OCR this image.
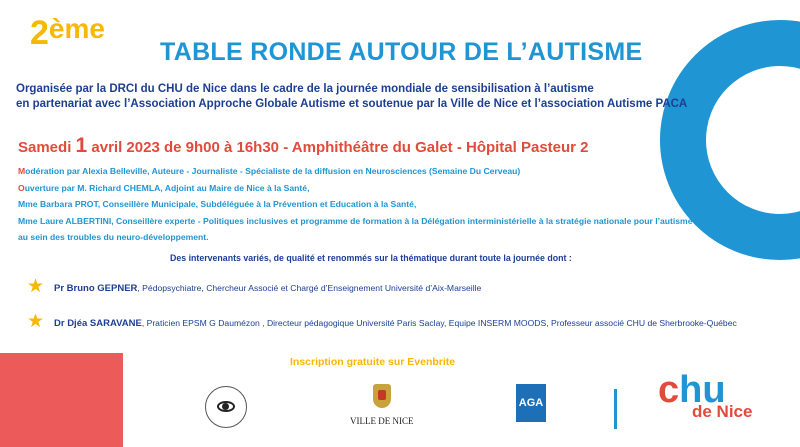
2ème
TABLE RONDE AUTOUR DE L’AUTISME
Organisée par la DRCI du CHU de Nice dans le cadre de la journée mondiale de sensibilisation à l’autisme
en partenariat avec l’Association Approche Globale Autisme et soutenue par la Ville de Nice et l’association Autisme PACA
Samedi 1 avril 2023 de 9h00 à 16h30 - Amphithéâtre du Galet - Hôpital Pasteur 2
Modération par Alexia Belleville, Auteure - Journaliste - Spécialiste de la diffusion en Neurosciences (Semaine Du Cerveau)
Ouverture par M. Richard CHEMLA, Adjoint au Maire de Nice à la Santé,
Mme Barbara PROT, Conseillère Municipale, Subdéléguée à la Prévention et Education à la Santé,
Mme Laure ALBERTINI, Conseillère experte - Politiques inclusives et programme de formation à la Délégation interministérielle à la stratégie nationale pour l’autisme
au sein des troubles du neuro-développement.
Des intervenants variés, de qualité et renommés sur la thématique durant toute la journée dont :
★ Pr Bruno GEPNER, Pédopsychiatre, Chercheur Associé et Chargé d’Enseignement Université d’Aix-Marseille
★ Dr Djéa SARAVANE, Praticien EPSM G Daumézon , Directeur pédagogique Université Paris Saclay, Equipe INSERM MOODS, Professeur associé CHU de Sherbrooke-Québec
Inscription gratuite sur Evenbrite
VILLE DE NICE
AGA	chu
de Nice
